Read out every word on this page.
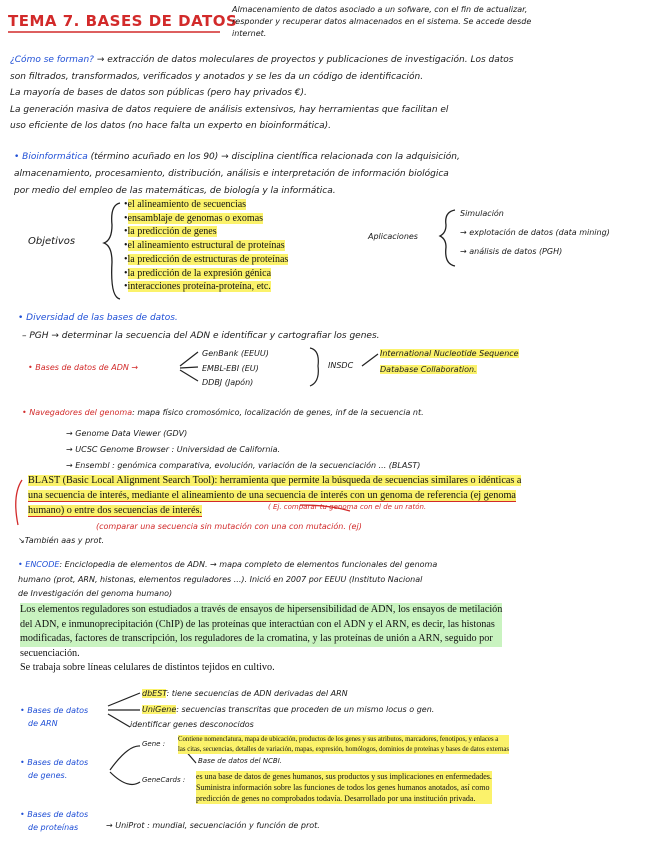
TEMA 7. BASES DE DATOS
Almacenamiento de datos asociado a un sofware, con el fin de actualizar,
responder y recuperar datos almacenados en el sistema. Se accede desde
internet.
¿Cómo se forman? → extracción de datos moleculares de proyectos y publicaciones de investigación. Los datos
son filtrados, transformados, verificados y anotados y se les da un código de identificación.
La mayoría de bases de datos son públicas (pero hay privados €).
La generación masiva de datos requiere de análisis extensivos, hay herramientas que facilitan el
uso eficiente de los datos (no hace falta un experto en bioinformática).
• Bioinformática (término acuñado en los 90) → disciplina científica relacionada con la adquisición,
almacenamiento, procesamiento, distribución, análisis e interpretación de información biológica
por medio del empleo de las matemáticas, de biología y la informática.
Objetivos
•el alineamiento de secuencias
•ensamblaje de genomas o exomas
•la predicción de genes
•el alineamiento estructural de proteínas
•la predicción de estructuras de proteínas
•la predicción de la expresión génica
•interacciones proteína-proteína, etc.
Aplicaciones
Simulación
→ explotación de datos (data mining)
→ análisis de datos (PGH)
• Diversidad de las bases de datos.
– PGH → determinar la secuencia del ADN e identificar y cartografiar los genes.
• Bases de datos de ADN →
GenBank (EEUU)
EMBL-EBI (EU)
DDBJ (Japón)
INSDC
International Nucleotide Sequence
Database Collaboration.
• Navegadores del genoma: mapa físico cromosómico, localización de genes, inf de la secuencia nt.
→ Genome Data Viewer (GDV)
→ UCSC Genome Browser : Universidad de California.
→ Ensembl : genómica comparativa, evolución, variación de la secuenciación ... (BLAST)
BLAST (Basic Local Alignment Search Tool): herramienta que permite la búsqueda de secuencias similares o idénticas a
una secuencia de interés, mediante el alineamiento de una secuencia de interés con un genoma de referencia (ej genoma
humano) o entre dos secuencias de interés.	( Ej. comparar tu genoma con el de un ratón.
(comparar una secuencia sin mutación con una con mutación. (ej)
↘También aas y prot.
• ENCODE: Enciclopedia de elementos de ADN. → mapa completo de elementos funcionales del genoma
humano (prot, ARN, histonas, elementos reguladores ...). Inició en 2007 por EEUU (Instituto Nacional
de Investigación del genoma humano)
Los elementos reguladores son estudiados a través de ensayos de hipersensibilidad de ADN, los ensayos de metilación
del ADN, e inmunoprecipitación (ChIP) de las proteínas que interactúan con el ADN y el ARN, es decir, las histonas
modificadas, factores de transcripción, los reguladores de la cromatina, y las proteínas de unión a ARN, seguido por
secuenciación.
Se trabaja sobre líneas celulares de distintos tejidos en cultivo.
• Bases de datos
de ARN
dbEST: tiene secuencias de ADN derivadas del ARN
UniGene: secuencias transcritas que proceden de un mismo locus o gen.
identificar genes desconocidos
• Bases de datos
de genes.
Gene :
Contiene nomenclatura, mapa de ubicación, productos de los genes y sus atributos, marcadores, fenotipos, y enlaces a
las citas, secuencias, detalles de variación, mapas, expresión, homólogos, dominios de proteínas y bases de datos externas
Base de datos del NCBI.
GeneCards : es una base de datos de genes humanos, sus productos y sus implicaciones en enfermedades.
Suministra información sobre las funciones de todos los genes humanos anotados, así como
predicción de genes no comprobados todavía. Desarrollado por una institución privada.
• Bases de datos
de proteínas	→ UniProt : mundial, secuenciación y función de prot.
